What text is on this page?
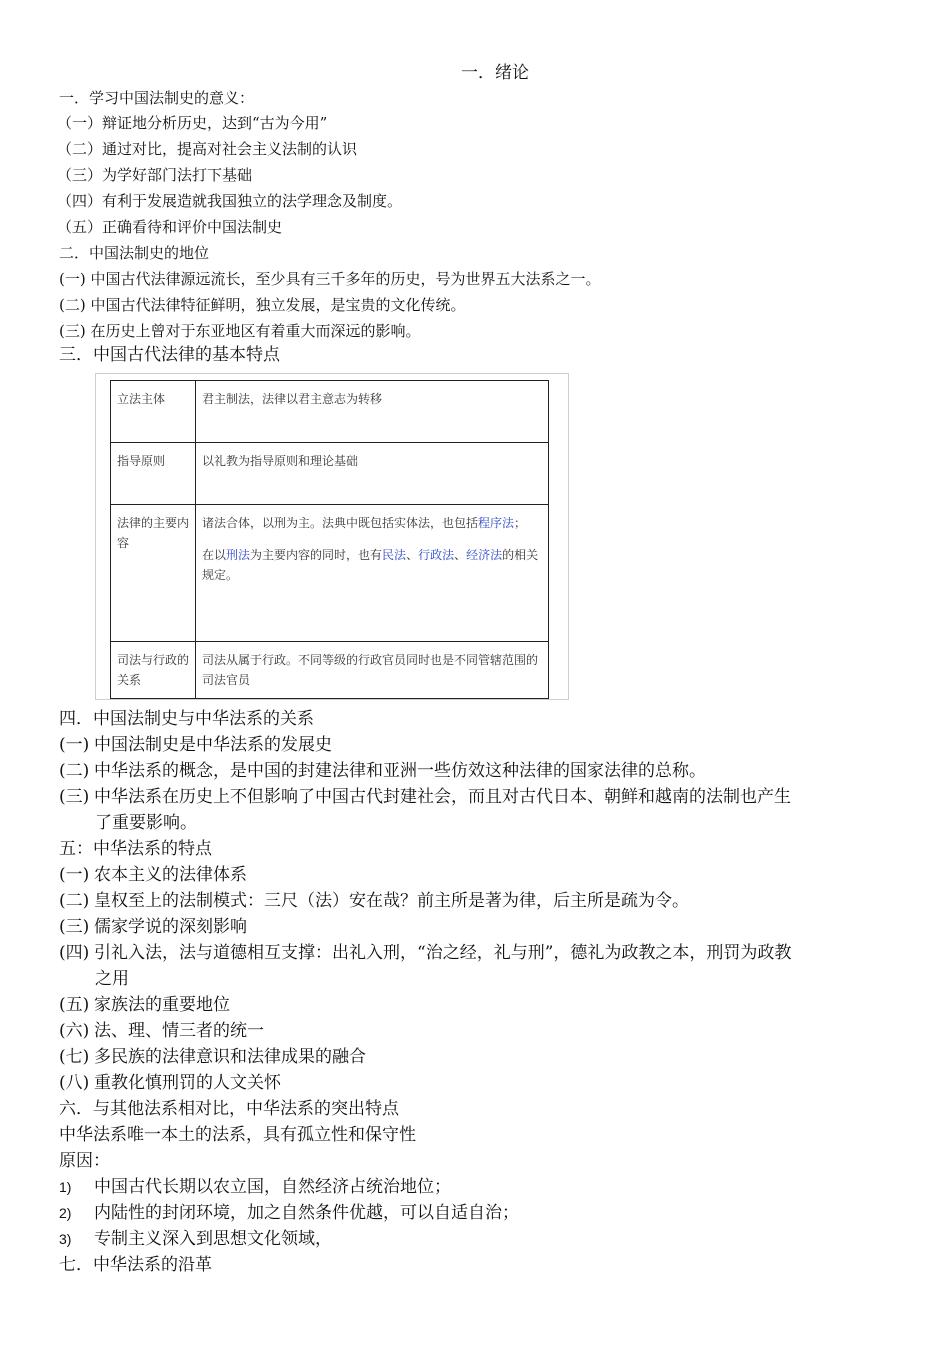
一．绪论
一．学习中国法制史的意义：
（一）辩证地分析历史，达到“古为今用”
（二）通过对比，提高对社会主义法制的认识
（三）为学好部门法打下基础
（四）有利于发展造就我国独立的法学理念及制度。
（五）正确看待和评价中国法制史
二．中国法制史的地位
(一) 中国古代法律源远流长，至少具有三千多年的历史，号为世界五大法系之一。
(二) 中国古代法律特征鲜明，独立发展，是宝贵的文化传统。
(三) 在历史上曾对于东亚地区有着重大而深远的影响。
三．中国古代法律的基本特点
立法主体	君主制法，法律以君主意志为转移
指导原则	以礼教为指导原则和理论基础
法律的主要内容	诸法合体，以刑为主。法典中既包括实体法，也包括程序法；
在以刑法为主要内容的同时，也有民法、行政法、经济法的相关规定。

司法与行政的关系	司法从属于行政。不同等级的行政官员同时也是不同管辖范围的司法官员
四．中国法制史与中华法系的关系
(一) 中国法制史是中华法系的发展史
(二) 中华法系的概念，是中国的封建法律和亚洲一些仿效这种法律的国家法律的总称。
(三) 中华法系在历史上不但影响了中国古代封建社会，而且对古代日本、朝鲜和越南的法制也产生
了重要影响。
五：中华法系的特点
(一) 农本主义的法律体系
(二) 皇权至上的法制模式：三尺（法）安在哉？前主所是著为律，后主所是疏为令。
(三) 儒家学说的深刻影响
(四) 引礼入法，法与道德相互支撑：出礼入刑，“治之经，礼与刑”，德礼为政教之本，刑罚为政教
之用
(五) 家族法的重要地位
(六) 法、理、情三者的统一
(七) 多民族的法律意识和法律成果的融合
(八) 重教化慎刑罚的人文关怀
六．与其他法系相对比，中华法系的突出特点
中华法系唯一本土的法系，具有孤立性和保守性
原因：
1) 中国古代长期以农立国，自然经济占统治地位；
2) 内陆性的封闭环境，加之自然条件优越，可以自适自治；
3) 专制主义深入到思想文化领域，
七．中华法系的沿革
